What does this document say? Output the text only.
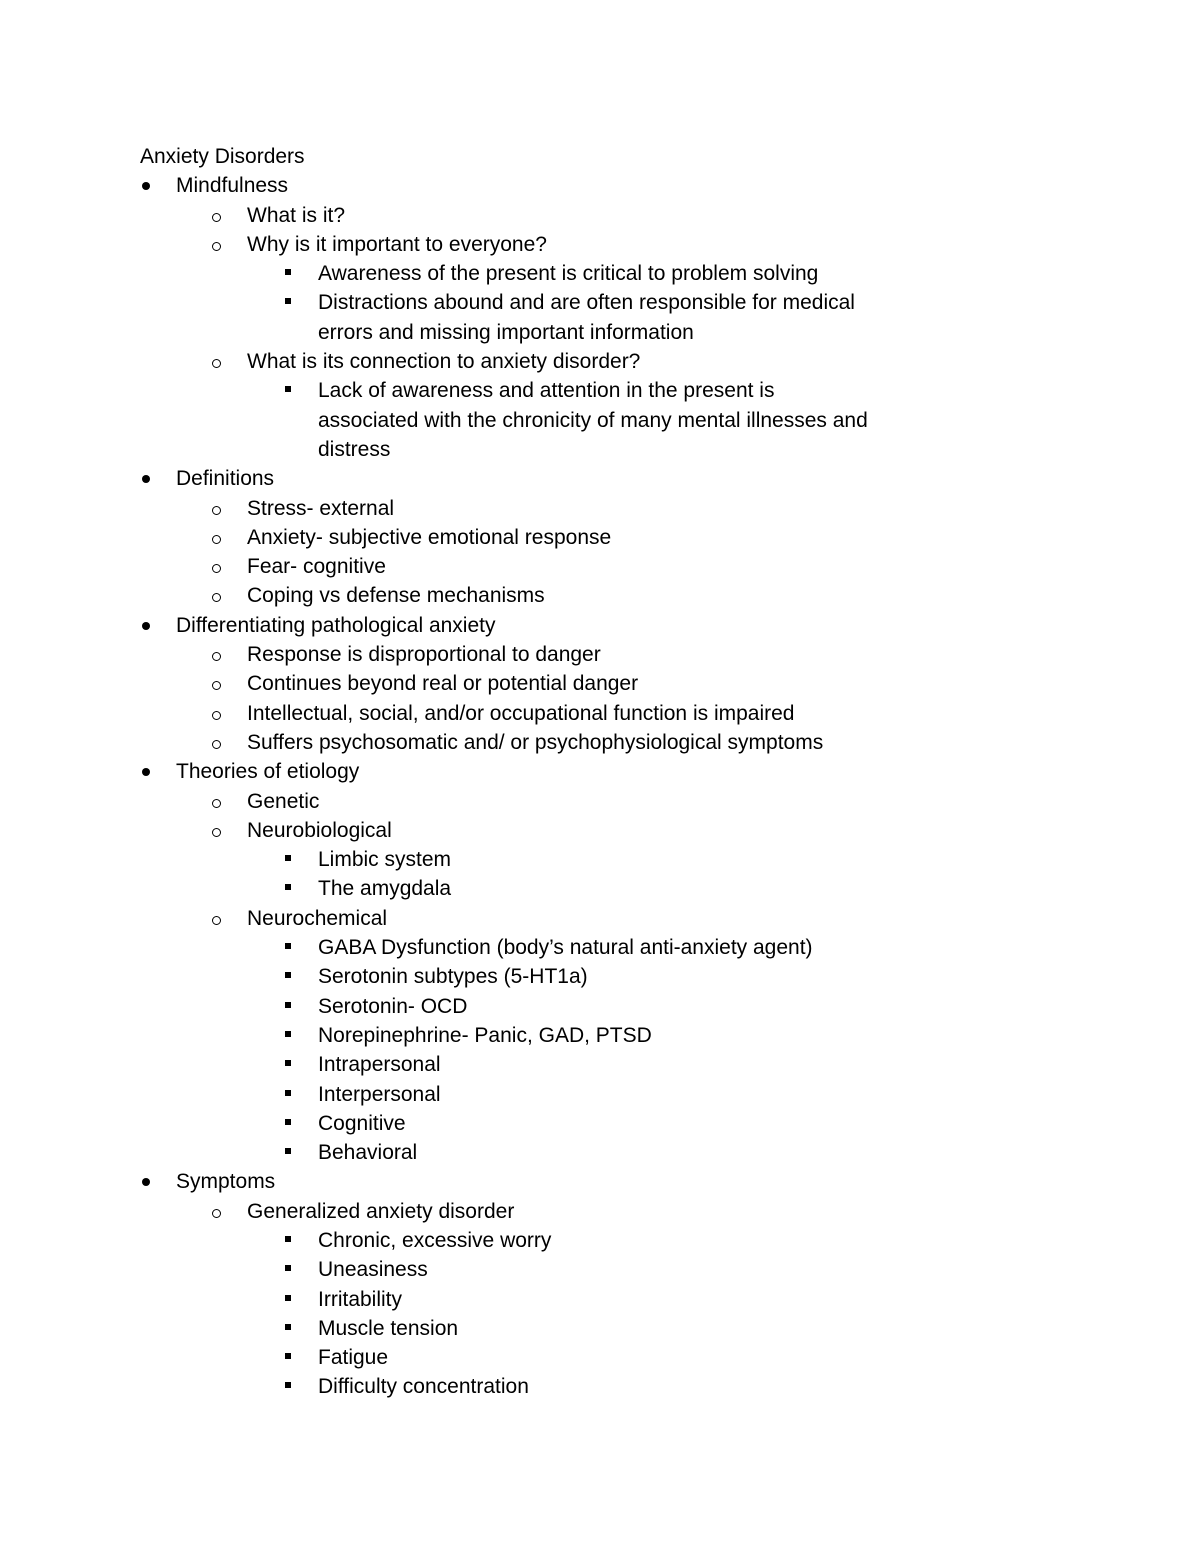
Anxiety Disorders
Mindfulness
What is it?
Why is it important to everyone?
Awareness of the present is critical to problem solving
Distractions abound and are often responsible for medical errors and missing important information
What is its connection to anxiety disorder?
Lack of awareness and attention in the present is associated with the chronicity of many mental illnesses and distress
Definitions
Stress- external
Anxiety- subjective emotional response
Fear- cognitive
Coping vs defense mechanisms
Differentiating pathological anxiety
Response is disproportional to danger
Continues beyond real or potential danger
Intellectual, social, and/or occupational function is impaired
Suffers psychosomatic and/ or psychophysiological symptoms
Theories of etiology
Genetic
Neurobiological
Limbic system
The amygdala
Neurochemical
GABA Dysfunction (body’s natural anti-anxiety agent)
Serotonin subtypes (5-HT1a)
Serotonin- OCD
Norepinephrine- Panic, GAD, PTSD
Intrapersonal
Interpersonal
Cognitive
Behavioral
Symptoms
Generalized anxiety disorder
Chronic, excessive worry
Uneasiness
Irritability
Muscle tension
Fatigue
Difficulty concentration
